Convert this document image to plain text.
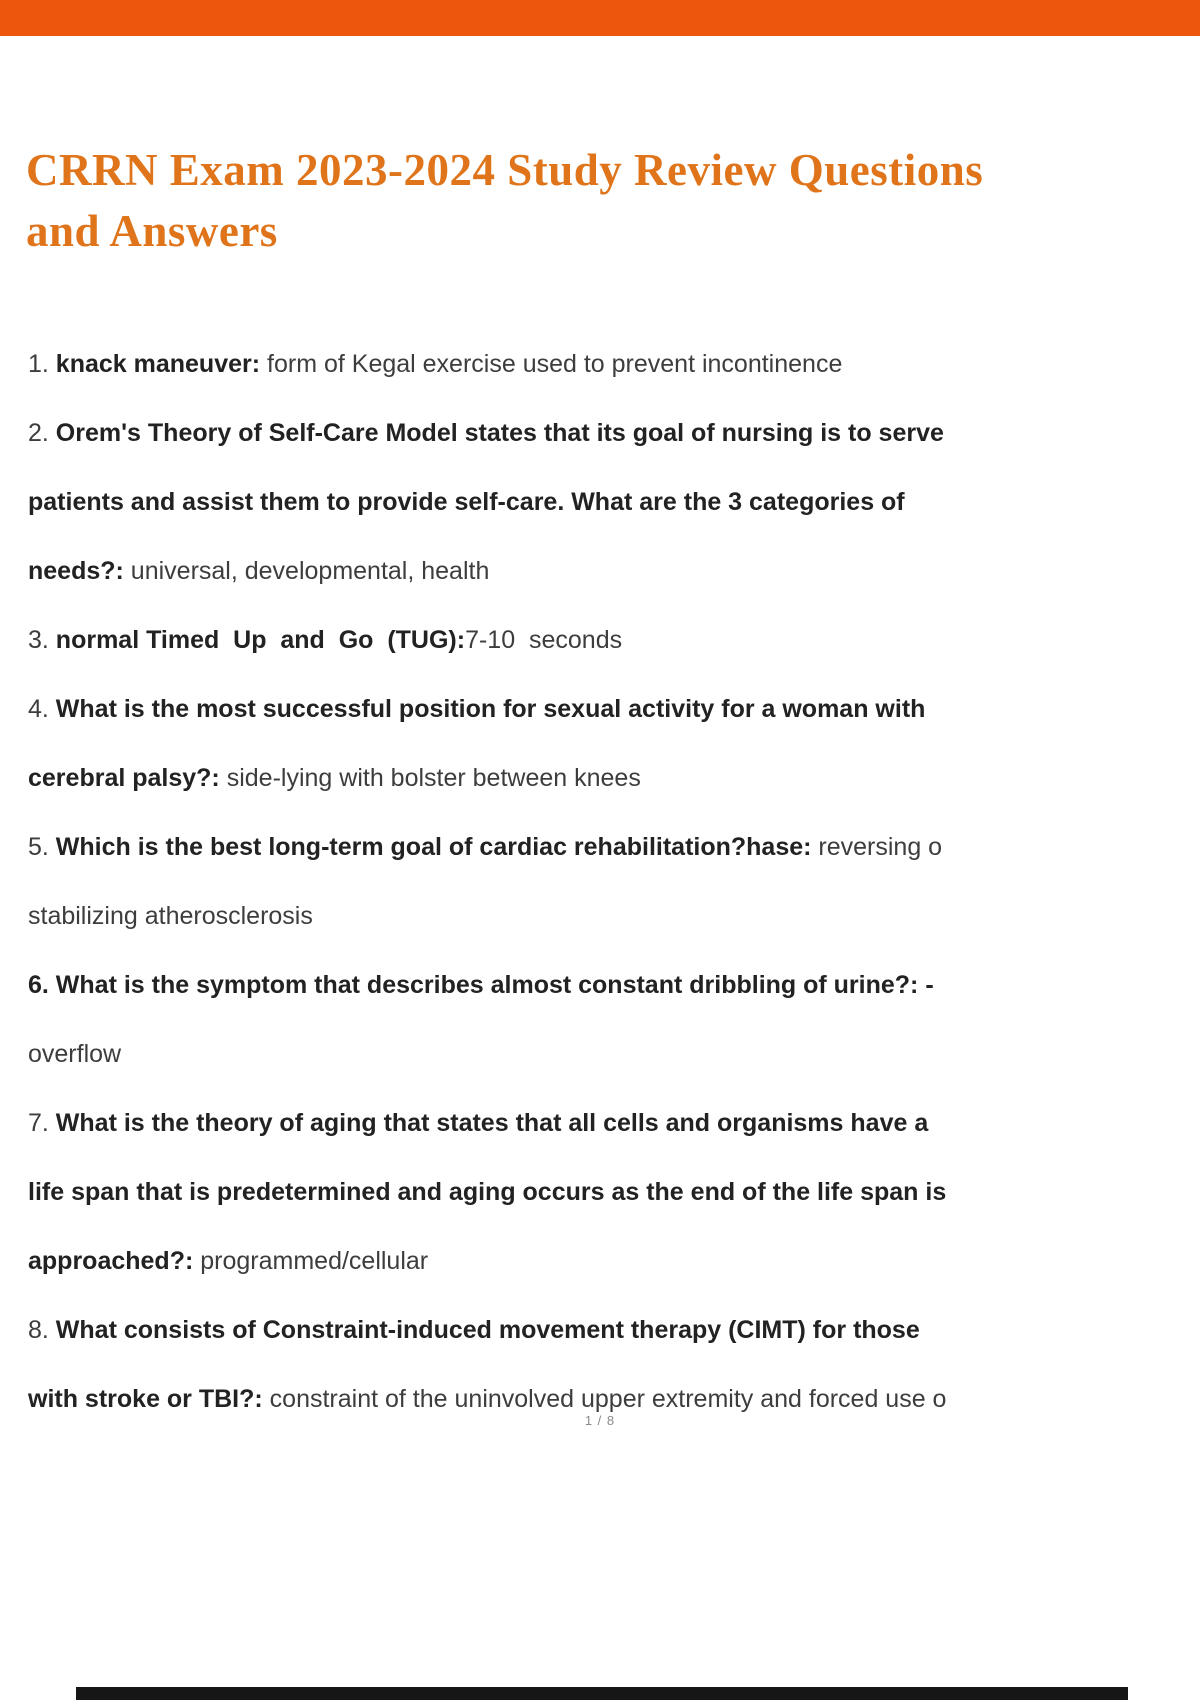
CRRN Exam 2023-2024 Study Review Questions
and Answers
1. knack maneuver: form of Kegal exercise used to prevent incontinence
2. Orem's Theory of Self-Care Model states that its goal of nursing is to serve
patients and assist them to provide self-care. What are the 3 categories of
needs?: universal, developmental, health
3. normal Timed  Up  and  Go  (TUG):7-10  seconds
4. What is the most successful position for sexual activity for a woman with
cerebral palsy?: side-lying with bolster between knees
5. Which is the best long-term goal of cardiac rehabilitation?hase: reversing o
stabilizing atherosclerosis
6. What is the symptom that describes almost constant dribbling of urine?: -
overflow
7. What is the theory of aging that states that all cells and organisms have a
life span that is predetermined and aging occurs as the end of the life span is
approached?: programmed/cellular
8. What consists of Constraint-induced movement therapy (CIMT) for those
with stroke or TBI?: constraint of the uninvolved upper extremity and forced use o
1 / 8
